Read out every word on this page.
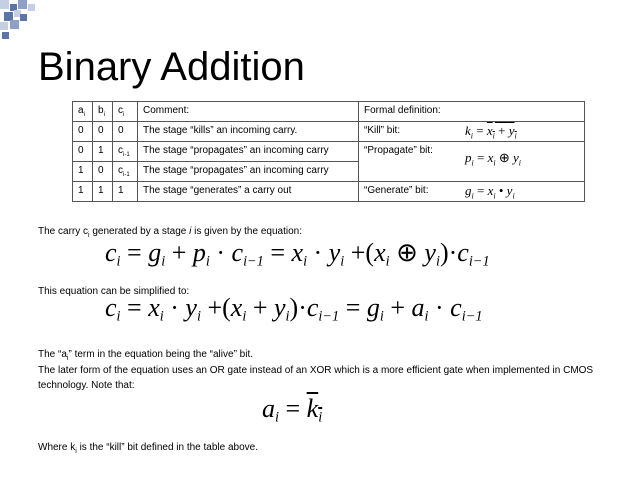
Binary Addition
$a_i$	$b_i$	$c_i$	Comment:	Formal definition:
0	0	0	The stage “kills” an incoming carry.	“Kill” bit: $k_i = x_i + y_i$

0	1	$c_{i-1}$	The stage “propagates” an incoming carry	“Propagate” bit: $p_i = x_i$ ⊕ $y_i$

1	0	$c_{i-1}$	The stage “propagates” an incoming carry	
1	1	1	The stage “generates” a carry out	“Generate” bit: $g_i = x_i$ • $y_i$
The carry $c_i$ generated by a stage i is given by the equation:
$c_i = g_i + p_i \cdot c_{i-1} = x_i \cdot y_i +(x_i$ ⊕ $y_i)\cdot c_{i-1}$
This equation can be simplified to:
$c_i = x_i \cdot y_i +(x_i + y_i)\cdot c_{i-1} = g_i + a_i \cdot c_{i-1}$
The “$a_i$” term in the equation being the “alive” bit.
The later form of the equation uses an OR gate instead of an XOR which is a more efficient gate when implemented in CMOS technology. Note that:
$a_i = k_i$
Where $k_i$ is the “kill” bit defined in the table above.
